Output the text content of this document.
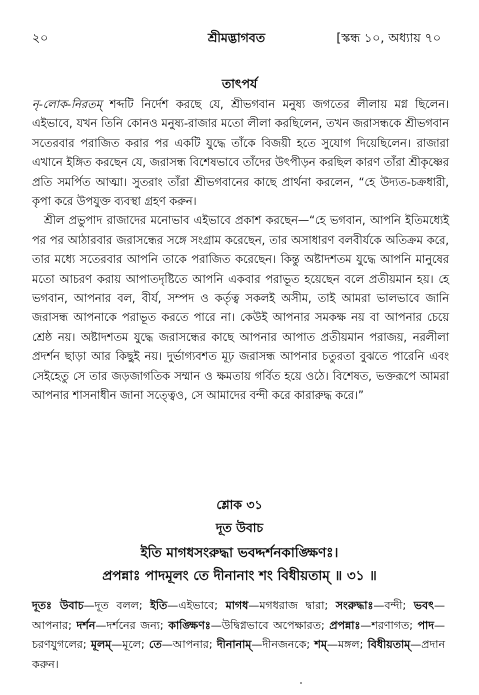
২০	শ্রীমদ্ভাগবত	[স্কন্ধ ১০, অধ্যায় ৭০
তাৎপর্য

নৃ-লোক-নিরতম্ শব্দটি নির্দেশ করছে যে, শ্রীভগবান মনুষ্য জগতের লীলায় মগ্ন ছিলেন। এইভাবে, যখন তিনি কোনও মনুষ্য-রাজার মতো লীলা করছিলেন, তখন জরাসন্ধকে শ্রীভগবান সতেরবার পরাজিত করার পর একটি যুদ্ধে তাঁকে বিজয়ী হতে সুযোগ দিয়েছিলেন। রাজারা এখানে ইঙ্গিত করছেন যে, জরাসন্ধ বিশেষভাবে তাঁদের উৎপীড়ন করছিল কারণ তাঁরা শ্রীকৃষ্ণের প্রতি সমর্পিত আত্মা। সুতরাং তাঁরা শ্রীভগবানের কাছে প্রার্থনা করলেন, “হে উদ্যত-চক্রধারী, কৃপা করে উপযুক্ত ব্যবস্থা গ্রহণ করুন।

শ্রীল প্রভুপাদ রাজাদের মনোভাব এইভাবে প্রকাশ করছেন—“হে ভগবান, আপনি ইতিমধ্যেই পর পর আঠারবার জরাসন্ধের সঙ্গে সংগ্রাম করেছেন, তার অসাধারণ বলবীর্যকে অতিক্রম করে, তার মধ্যে সতেরবার আপনি তাকে পরাজিত করেছেন। কিন্তু অষ্টাদশতম যুদ্ধে আপনি মানুষের মতো আচরণ করায় আপাতদৃষ্টিতে আপনি একবার পরাভূত হয়েছেন বলে প্রতীয়মান হয়। হে ভগবান, আপনার বল, বীর্য, সম্পদ ও কর্তৃত্ব সকলই অসীম, তাই আমরা ভালভাবে জানি জরাসন্ধ আপনাকে পরাভূত করতে পারে না। কেউই আপনার সমকক্ষ নয় বা আপনার চেয়ে শ্রেষ্ঠ নয়। অষ্টাদশতম যুদ্ধে জরাসন্ধের কাছে আপনার আপাত প্রতীয়মান পরাজয়, নরলীলা প্রদর্শন ছাড়া আর কিছুই নয়। দুর্ভাগ্যবশত মূঢ় জরাসন্ধ আপনার চতুরতা বুঝতে পারেনি এবং সেইহেতু সে তার জড়জাগতিক সম্মান ও ক্ষমতায় গর্বিত হয়ে ওঠে। বিশেষত, ভক্তরূপে আমরা আপনার শাসনাধীন জানা সত্ত্বেও, সে আমাদের বন্দী করে কারারুদ্ধ করে।”

শ্লোক ৩১
দূত উবাচ
ইতি মাগধসংরুদ্ধা ভবদ্দর্শনকাঙ্ক্ষিণঃ।
প্রপন্নাঃ পাদমূলং তে দীনানাং শং বিধীয়তাম্ ॥ ৩১ ॥
দূতঃ উবাচ—দূত বলল; ইতি—এইভাবে; মাগধ—মগধরাজ দ্বারা; সংরুদ্ধাঃ—বন্দী; ভবৎ—আপনার; দর্শন—দর্শনের জন্য; কাঙ্ক্ষিণঃ—উদ্বিগ্নভাবে অপেক্ষারত; প্রপন্নাঃ—শরণাগত; পাদ—চরণযুগলের; মূলম্—মূলে; তে—আপনার; দীনানাম্—দীনজনকে; শম্—মঙ্গল; বিধীয়তাম্—প্রদান করুন।
